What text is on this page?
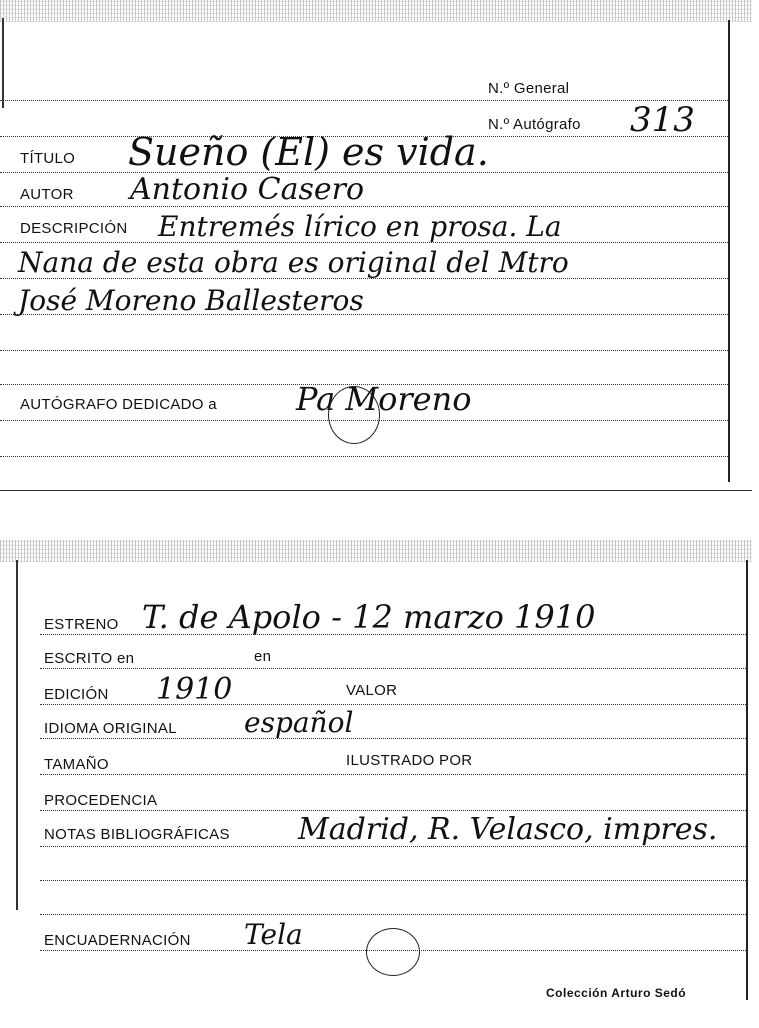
N.º General
N.º Autógrafo 313
TÍTULO Sueño (El) es vida.
AUTOR Antonio Casero
DESCRIPCIÓN Entremés lírico en prosa. La
Nana de esta obra es original del Mtro
José Moreno Ballesteros
AUTÓGRAFO DEDICADO a Pa Moreno
ESTRENO T. de Apolo - 12 marzo 1910
ESCRITO en	en
EDICIÓN 1910	VALOR
IDIOMA ORIGINAL español
TAMAÑO	ILUSTRADO POR
PROCEDENCIA
NOTAS BIBLIOGRÁFICAS Madrid, R. Velasco, impres.
ENCUADERNACIÓN Tela
Colección Arturo Sedó
